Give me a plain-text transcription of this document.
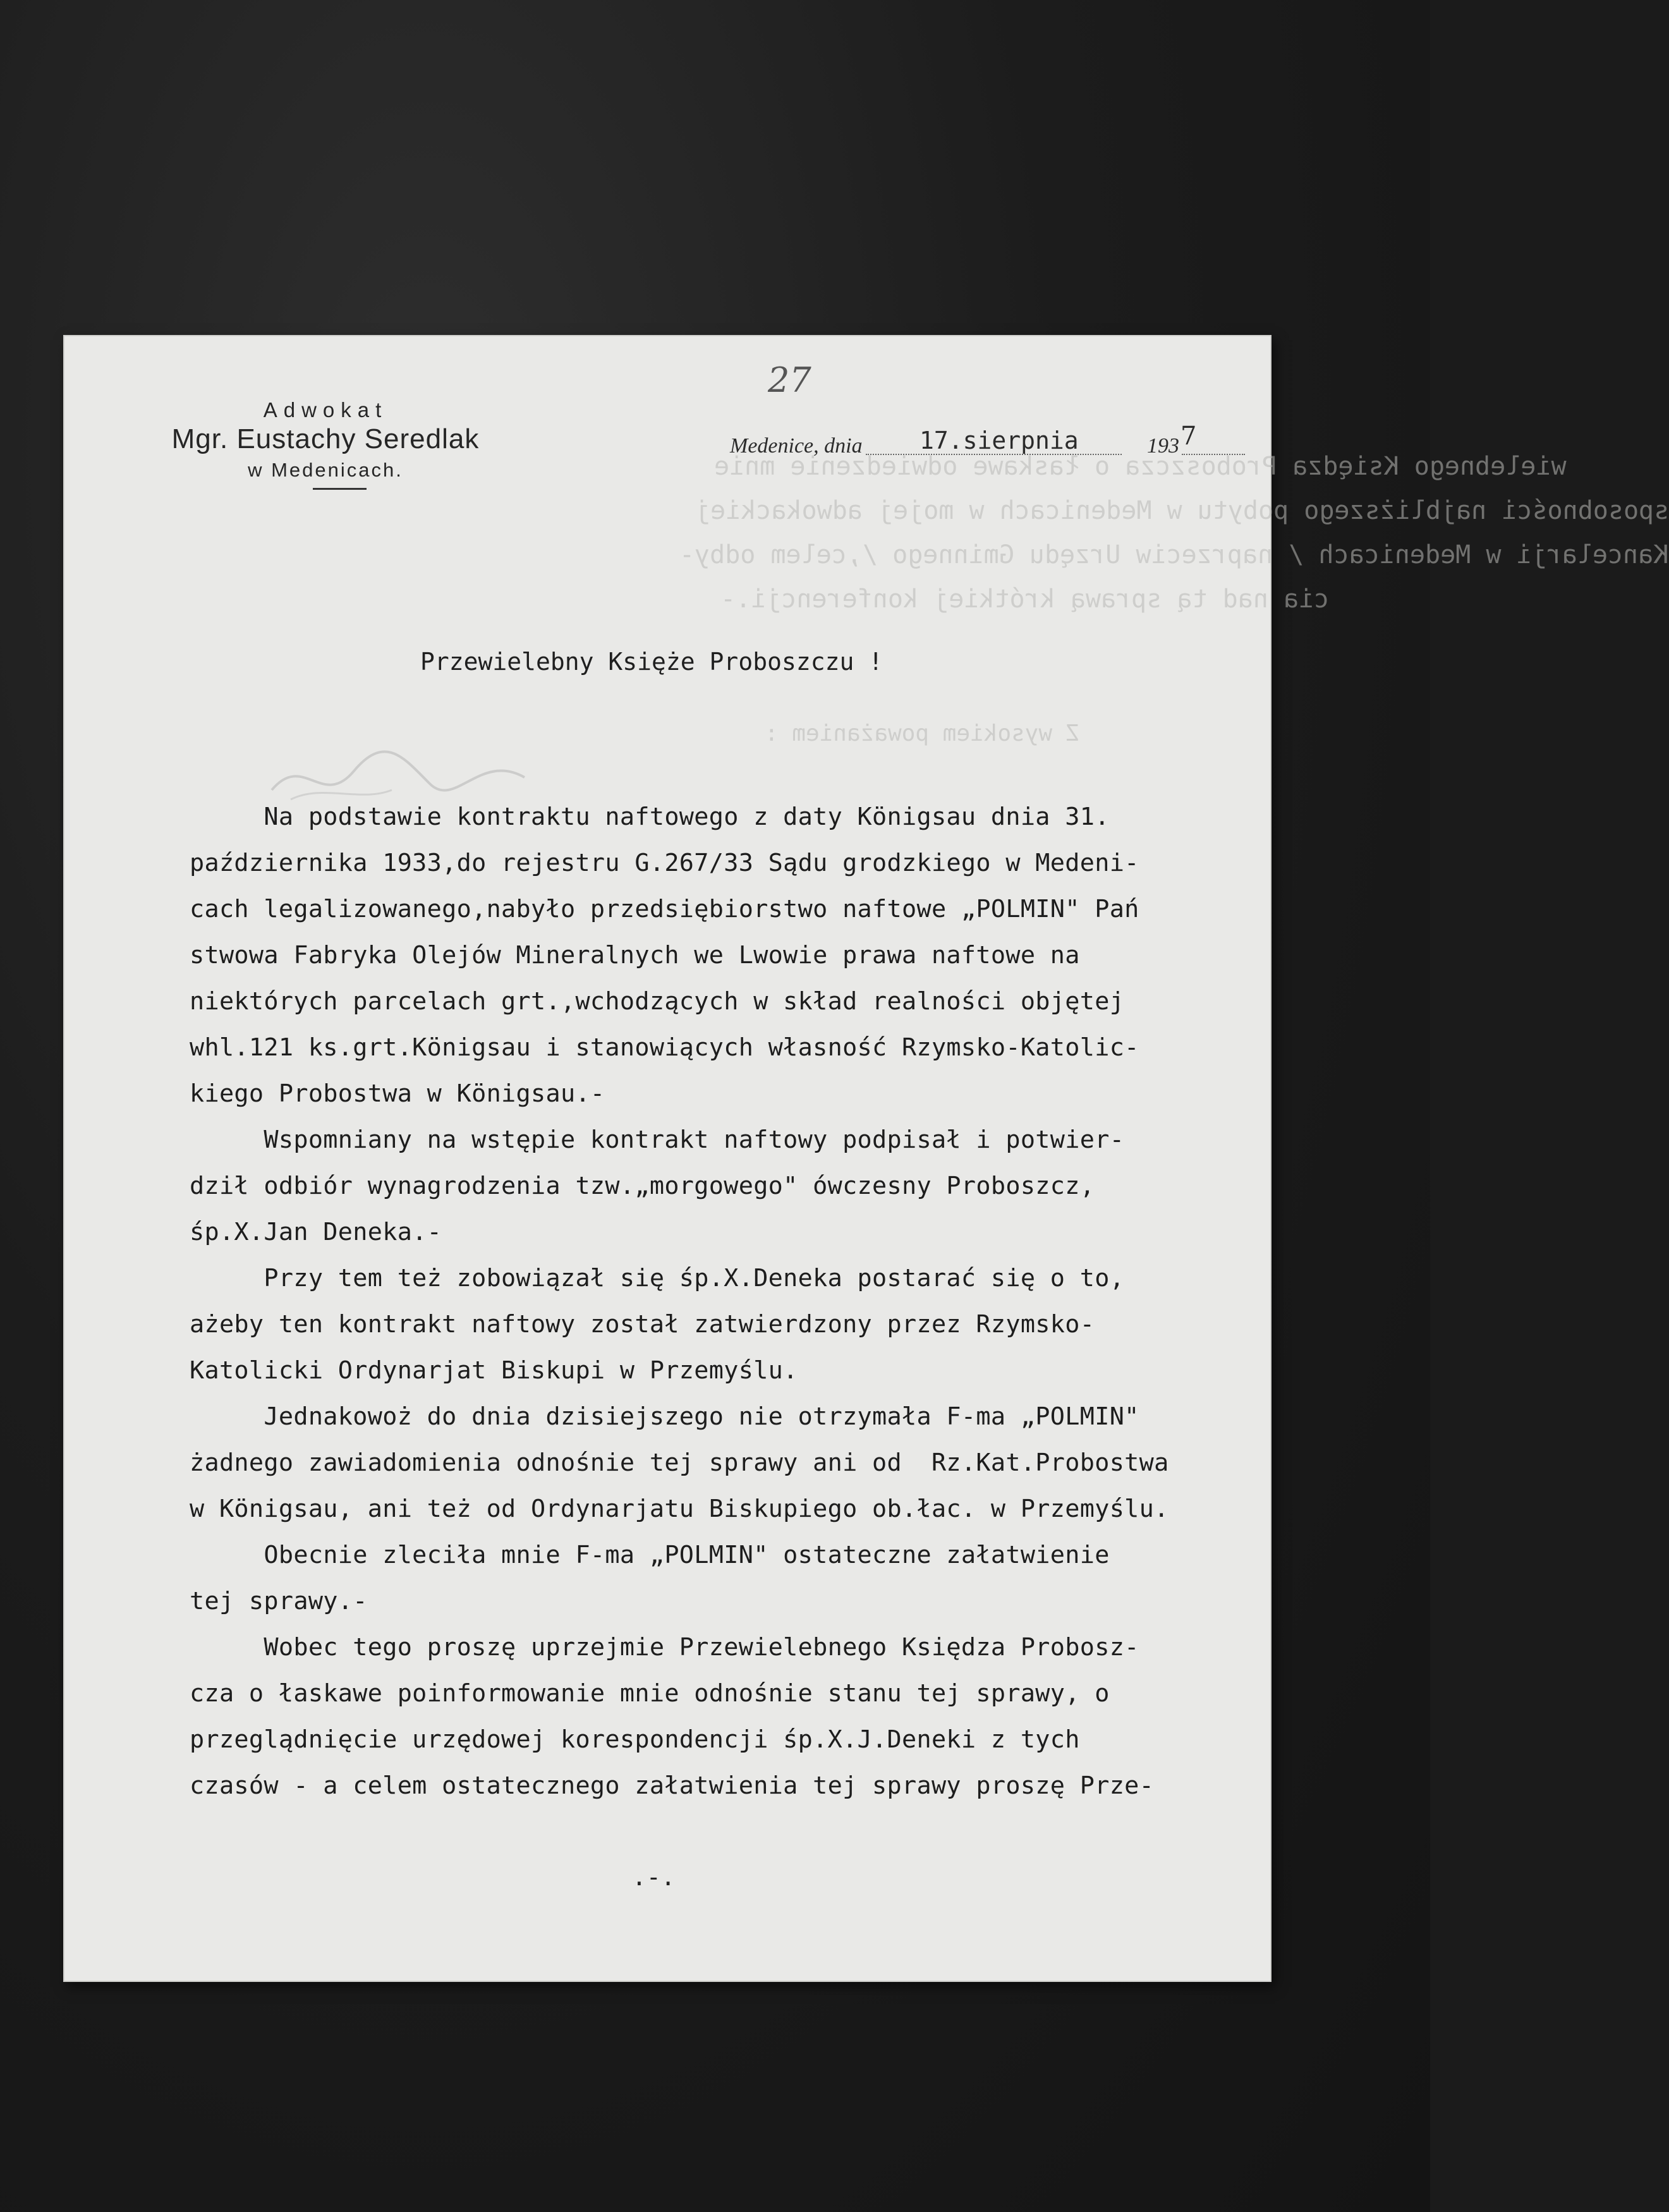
wielebnego Księdza Proboszcza o łaskawe odwiedzenie mnie
sposobności najbliższego pobytu w Medenicach w mojej adwokackiej
Kancelarji w Medenicach / naprzeciw Urzędu Gminnego /,celem odby-
cia nad tą sprawą krótkiej konferencji.-
Z wysokiem poważaniem :
Adwokat
Mgr. Eustachy Seredlak
w Medenicach.
27
Medenice, dnia 17.sierpnia	193 7
Przewielebny Księże Proboszczu !
Na podstawie kontraktu naftowego z daty Königsau dnia 31.
października 1933,do rejestru G.267/33 Sądu grodzkiego w Medeni-
cach legalizowanego,nabyło przedsiębiorstwo naftowe „POLMIN" Pań
stwowa Fabryka Olejów Mineralnych we Lwowie prawa naftowe na
niektórych parcelach grt.,wchodzących w skład realności objętej
whl.121 ks.grt.Königsau i stanowiących własność Rzymsko-Katolic-
kiego Probostwa w Königsau.-
Wspomniany na wstępie kontrakt naftowy podpisał i potwier-
dził odbiór wynagrodzenia tzw.„morgowego" ówczesny Proboszcz,
śp.X.Jan Deneka.-
Przy tem też zobowiązał się śp.X.Deneka postarać się o to,
ażeby ten kontrakt naftowy został zatwierdzony przez Rzymsko-
Katolicki Ordynarjat Biskupi w Przemyślu.
Jednakowoż do dnia dzisiejszego nie otrzymała F-ma „POLMIN"
żadnego zawiadomienia odnośnie tej sprawy ani od  Rz.Kat.Probostwa
w Königsau, ani też od Ordynarjatu Biskupiego ob.łac. w Przemyślu.
Obecnie zleciła mnie F-ma „POLMIN" ostateczne załatwienie
tej sprawy.-
Wobec tego proszę uprzejmie Przewielebnego Księdza Probosz-
cza o łaskawe poinformowanie mnie odnośnie stanu tej sprawy, o
przeglądnięcie urzędowej korespondencji śp.X.J.Deneki z tych
czasów - a celem ostatecznego załatwienia tej sprawy proszę Prze-
.-.
